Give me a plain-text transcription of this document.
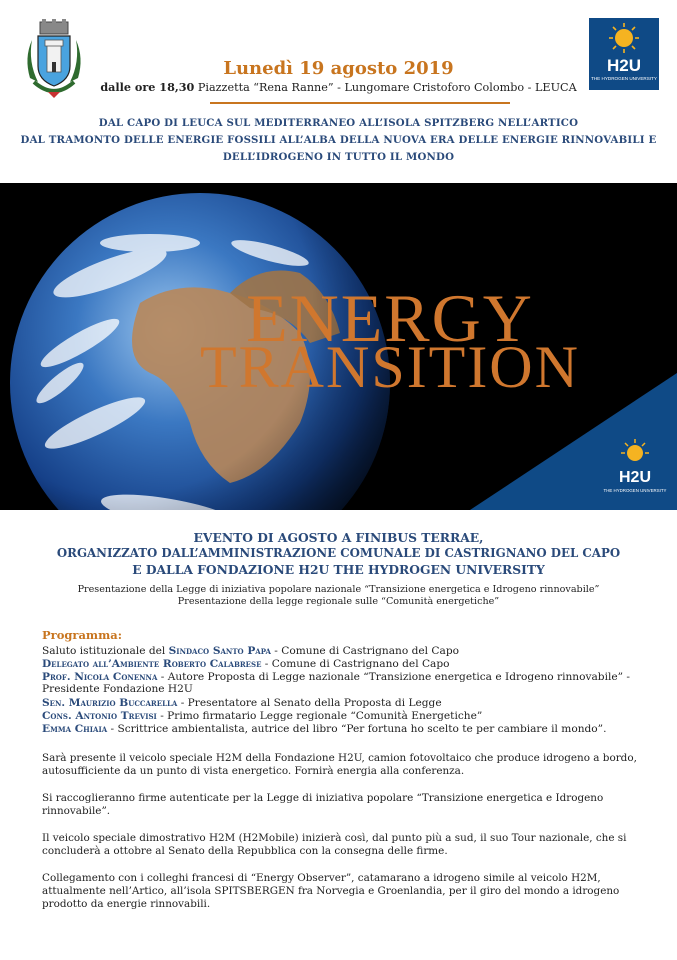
Lunedì 19 agosto 2019
dalle ore 18,30 Piazzetta “Rena Ranne” - Lungomare Cristoforo Colombo - LEUCA
H2U
THE HYDROGEN UNIVERSITY
DAL CAPO DI LEUCA SUL MEDITERRANEO ALL’ISOLA SPITZBERG NELL’ARTICO
DAL TRAMONTO DELLE ENERGIE FOSSILI ALL’ALBA DELLA NUOVA ERA DELLE ENERGIE RINNOVABILI E
DELL’IDROGENO IN TUTTO IL MONDO
ENERGY
TRANSITION
H2U
THE HYDROGEN UNIVERSITY
EVENTO DI AGOSTO A FINIBUS TERRAE,
ORGANIZZATO DALL’AMMINISTRAZIONE COMUNALE DI CASTRIGNANO DEL CAPO
E DALLA FONDAZIONE H2U THE HYDROGEN UNIVERSITY
Presentazione della Legge di iniziativa popolare nazionale “Transizione energetica e Idrogeno rinnovabile”
Presentazione della legge regionale sulle “Comunità energetiche”
Programma:
Saluto istituzionale del Sindaco Santo Papa - Comune di Castrignano del Capo
Delegato all’Ambiente Roberto Calabrese - Comune di Castrignano del Capo
Prof. Nicola Conenna - Autore Proposta di Legge nazionale “Transizione energetica e Idrogeno rinnovabile” - Presidente Fondazione H2U
Sen. Maurizio Buccarella - Presentatore al Senato della Proposta di Legge
Cons. Antonio Trevisi - Primo firmatario Legge regionale “Comunità Energetiche”
Emma Chiaia - Scrittrice ambientalista, autrice del libro “Per fortuna ho scelto te per cambiare il mondo”.
Sarà presente il veicolo speciale H2M della Fondazione H2U, camion fotovoltaico che produce idrogeno a bordo, autosufficiente da un punto di vista energetico. Fornirà energia alla conferenza.
Si raccoglieranno firme autenticate per la Legge di iniziativa popolare “Transizione energetica e Idrogeno rinnovabile”.
Il veicolo speciale dimostrativo H2M (H2Mobile) inizierà così, dal punto più a sud, il suo Tour nazionale, che si concluderà a ottobre al Senato della Repubblica con la consegna delle firme.
Collegamento con i colleghi francesi di “Energy Observer”, catamarano a idrogeno simile al veicolo H2M, attualmente nell’Artico, all’isola SPITSBERGEN fra Norvegia e Groenlandia, per il giro del mondo a idrogeno prodotto da energie rinnovabili.
